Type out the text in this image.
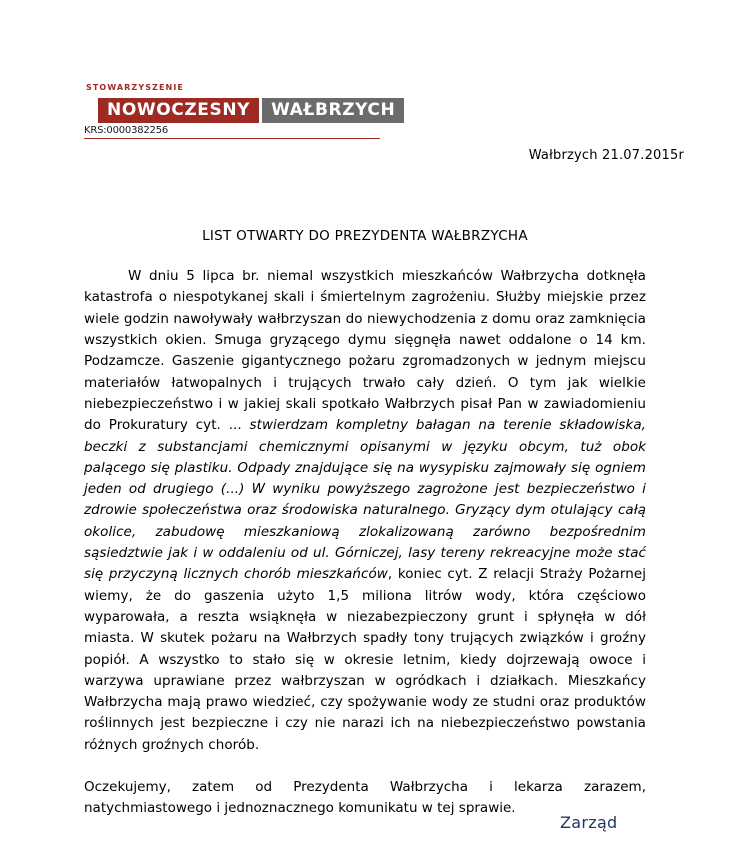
STOWARZYSZENIE
NOWOCZESNY	WAŁBRZYCH
KRS:0000382256
Wałbrzych 21.07.2015r
LIST OTWARTY DO PREZYDENTA WAŁBRZYCHA

W dniu 5 lipca br. niemal wszystkich mieszkańców Wałbrzycha dotknęła katastrofa o niespotykanej skali i śmiertelnym zagrożeniu. Służby miejskie przez wiele godzin nawoływały wałbrzyszan do niewychodzenia z domu oraz zamknięcia wszystkich okien. Smuga gryzącego dymu sięgnęła nawet oddalone o 14 km. Podzamcze. Gaszenie gigantycznego pożaru zgromadzonych w jednym miejscu materiałów łatwopalnych i trujących trwało cały dzień. O tym jak wielkie niebezpieczeństwo i w jakiej skali spotkało Wałbrzych pisał Pan w zawiadomieniu do Prokuratury cyt. ... stwierdzam kompletny bałagan na terenie składowiska, beczki z substancjami chemicznymi opisanymi w języku obcym, tuż obok palącego się plastiku. Odpady znajdujące się na wysypisku zajmowały się ogniem jeden od drugiego (...) W wyniku powyższego zagrożone jest bezpieczeństwo i zdrowie społeczeństwa oraz środowiska naturalnego. Gryzący dym otulający całą okolice, zabudowę mieszkaniową zlokalizowaną zarówno bezpośrednim sąsiedztwie jak i w oddaleniu od ul. Górniczej, lasy tereny rekreacyjne może stać się przyczyną licznych chorób mieszkańców, koniec cyt. Z relacji Straży Pożarnej wiemy, że do gaszenia użyto 1,5 miliona litrów wody, która częściowo wyparowała, a reszta wsiąknęła w niezabezpieczony grunt i spłynęła w dół miasta. W skutek pożaru na Wałbrzych spadły tony trujących związków i groźny popiół. A wszystko to stało się w okresie letnim, kiedy dojrzewają owoce i warzywa uprawiane przez wałbrzyszan w ogródkach i działkach. Mieszkańcy Wałbrzycha mają prawo wiedzieć, czy spożywanie wody ze studni oraz produktów roślinnych jest bezpieczne i czy nie narazi ich na niebezpieczeństwo powstania różnych groźnych chorób.

Oczekujemy, zatem od Prezydenta Wałbrzycha i lekarza zarazem, natychmiastowego i jednoznacznego komunikatu w tej sprawie.

Zarząd
